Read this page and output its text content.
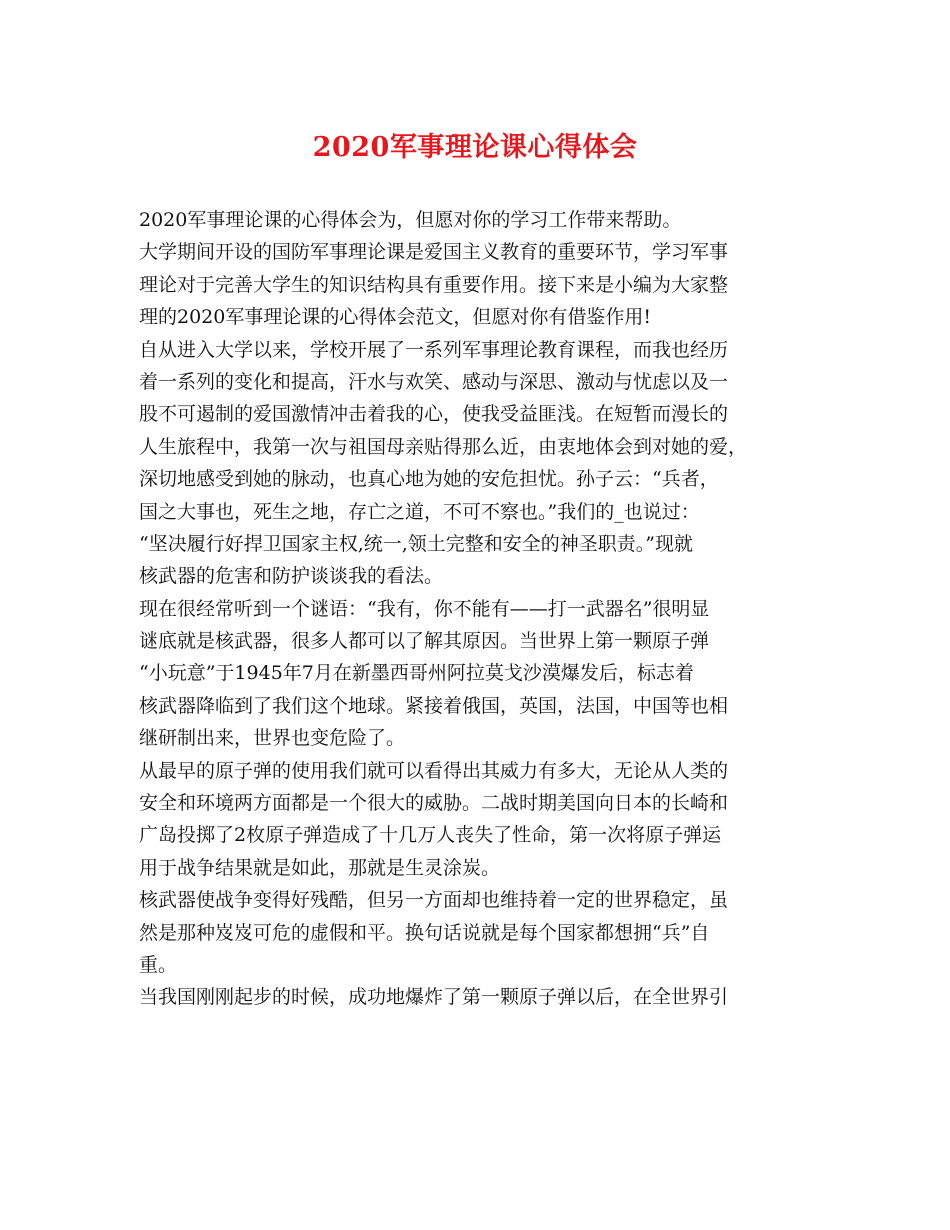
2020军事理论课心得体会
2020军事理论课的心得体会为，但愿对你的学习工作带来帮助。
大学期间开设的国防军事理论课是爱国主义教育的重要环节，学习军事
理论对于完善大学生的知识结构具有重要作用。接下来是小编为大家整
理的2020军事理论课的心得体会范文，但愿对你有借鉴作用!
自从进入大学以来，学校开展了一系列军事理论教育课程，而我也经历
着一系列的变化和提高，汗水与欢笑、感动与深思、激动与忧虑以及一
股不可遏制的爱国激情冲击着我的心，使我受益匪浅。在短暂而漫长的
人生旅程中，我第一次与祖国母亲贴得那么近，由衷地体会到对她的爱，
深切地感受到她的脉动，也真心地为她的安危担忧。孙子云：“兵者，
国之大事也，死生之地，存亡之道，不可不察也。”我们的_也说过：
“坚决履行好捍卫国家主权,统一,领土完整和安全的神圣职责。”现就
核武器的危害和防护谈谈我的看法。
现在很经常听到一个谜语：“我有，你不能有——打一武器名”很明显
谜底就是核武器，很多人都可以了解其原因。当世界上第一颗原子弹
“小玩意”于1945年7月在新墨西哥州阿拉莫戈沙漠爆发后，标志着
核武器降临到了我们这个地球。紧接着俄国，英国，法国，中国等也相
继研制出来，世界也变危险了。
从最早的原子弹的使用我们就可以看得出其威力有多大，无论从人类的
安全和环境两方面都是一个很大的威胁。二战时期美国向日本的长崎和
广岛投掷了2枚原子弹造成了十几万人丧失了性命，第一次将原子弹运
用于战争结果就是如此，那就是生灵涂炭。
核武器使战争变得好残酷，但另一方面却也维持着一定的世界稳定，虽
然是那种岌岌可危的虚假和平。换句话说就是每个国家都想拥“兵”自
重。
当我国刚刚起步的时候，成功地爆炸了第一颗原子弹以后，在全世界引
